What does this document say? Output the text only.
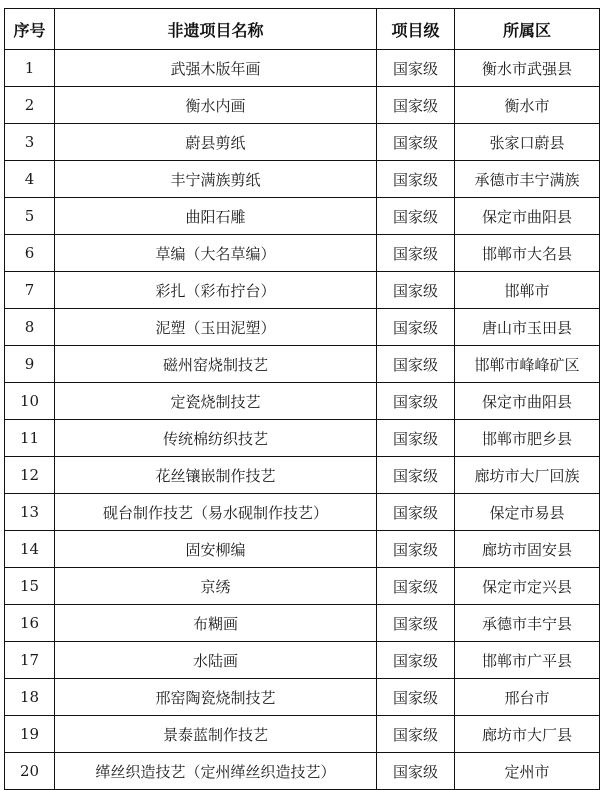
序号	非遗项目名称	项目级	所属区
1	武强木版年画	国家级	衡水市武强县
2	衡水内画	国家级	衡水市
3	蔚县剪纸	国家级	张家口蔚县
4	丰宁满族剪纸	国家级	承德市丰宁满族
5	曲阳石雕	国家级	保定市曲阳县
6	草编（大名草编）	国家级	邯郸市大名县
7	彩扎（彩布拧台）	国家级	邯郸市
8	泥塑（玉田泥塑）	国家级	唐山市玉田县
9	磁州窑烧制技艺	国家级	邯郸市峰峰矿区
10	定瓷烧制技艺	国家级	保定市曲阳县
11	传统棉纺织技艺	国家级	邯郸市肥乡县
12	花丝镶嵌制作技艺	国家级	廊坊市大厂回族
13	砚台制作技艺（易水砚制作技艺）	国家级	保定市易县
14	固安柳编	国家级	廊坊市固安县
15	京绣	国家级	保定市定兴县
16	布糊画	国家级	承德市丰宁县
17	水陆画	国家级	邯郸市广平县
18	邢窑陶瓷烧制技艺	国家级	邢台市
19	景泰蓝制作技艺	国家级	廊坊市大厂县
20	缂丝织造技艺（定州缂丝织造技艺）	国家级	定州市
